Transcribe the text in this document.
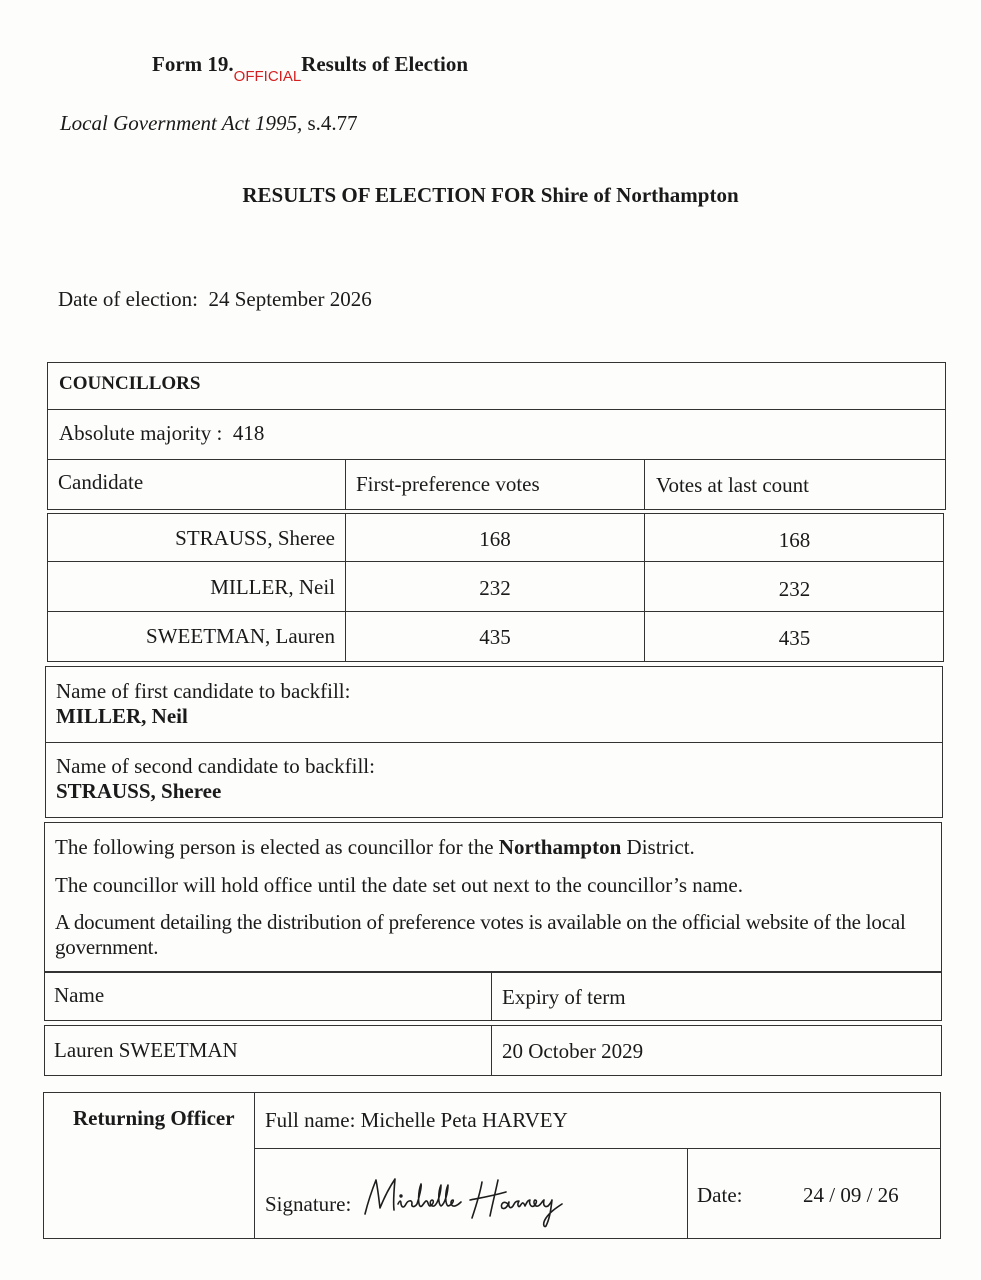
Form $19._{OFFICIAL}Results$ of Election
Local Government Act 1995, s.4.77
RESULTS OF ELECTION FOR Shire of Northampton
Date of election: 24 September 2026
COUNCILLORS
Absolute majority : 418
Candidate	First-preference votes	Votes at last count
STRAUSS, Sheree	168	168
MILLER, Neil	232	232
SWEETMAN, Lauren	435	435
Name of first candidate to backfill:
MILLER, Neil
Name of second candidate to backfill:
STRAUSS, Sheree
The following person is elected as councillor for the Northampton District.
The councillor will hold office until the date set out next to the councillor’s name.
A document detailing the distribution of preference votes is available on the official website of the local government.
Name	Expiry of term
Lauren SWEETMAN	20 October 2029
Returning Officer Full name: Michelle Peta HARVEY
Signature:	Date:	24 / 09 / 26
